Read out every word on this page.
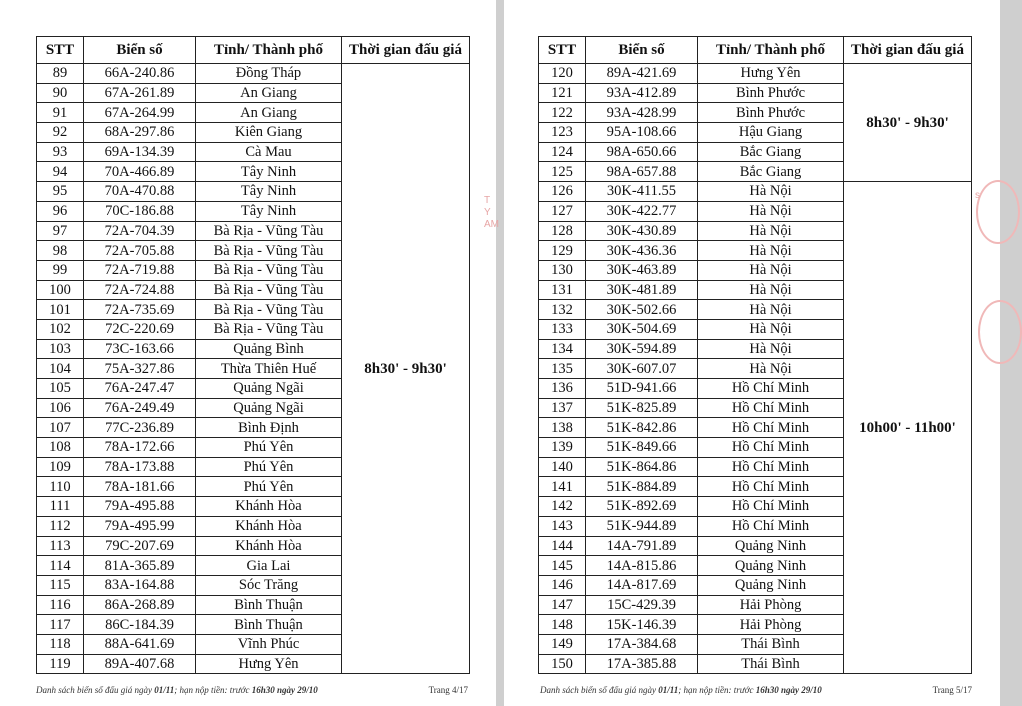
STT	Biển số	Tỉnh/ Thành phố	Thời gian đấu giá
89	66A-240.86	Đồng Tháp	8h30' - 9h30'
90	67A-261.89	An Giang	
91	67A-264.99	An Giang	
92	68A-297.86	Kiên Giang	
93	69A-134.39	Cà Mau	
94	70A-466.89	Tây Ninh	
95	70A-470.88	Tây Ninh	
96	70C-186.88	Tây Ninh	
97	72A-704.39	Bà Rịa - Vũng Tàu	
98	72A-705.88	Bà Rịa - Vũng Tàu	
99	72A-719.88	Bà Rịa - Vũng Tàu	
100	72A-724.88	Bà Rịa - Vũng Tàu	
101	72A-735.69	Bà Rịa - Vũng Tàu	
102	72C-220.69	Bà Rịa - Vũng Tàu	
103	73C-163.66	Quảng Bình	
104	75A-327.86	Thừa Thiên Huế	
105	76A-247.47	Quảng Ngãi	
106	76A-249.49	Quảng Ngãi	
107	77C-236.89	Bình Định	
108	78A-172.66	Phú Yên	
109	78A-173.88	Phú Yên	
110	78A-181.66	Phú Yên	
111	79A-495.88	Khánh Hòa	
112	79A-495.99	Khánh Hòa	
113	79C-207.69	Khánh Hòa	
114	81A-365.89	Gia Lai	
115	83A-164.88	Sóc Trăng	
116	86A-268.89	Bình Thuận	
117	86C-184.39	Bình Thuận	
118	88A-641.69	Vĩnh Phúc	
119	89A-407.68	Hưng Yên	
Danh sách biển số đấu giá ngày 01/11; hạn nộp tiền: trước 16h30 ngày 29/10	Trang 4/17
T
Y
AM
STT	Biển số	Tỉnh/ Thành phố	Thời gian đấu giá
120	89A-421.69	Hưng Yên	8h30' - 9h30'
121	93A-412.89	Bình Phước	
122	93A-428.99	Bình Phước	
123	95A-108.66	Hậu Giang	
124	98A-650.66	Bắc Giang	
125	98A-657.88	Bắc Giang	
126	30K-411.55	Hà Nội	10h00' - 11h00'
127	30K-422.77	Hà Nội	
128	30K-430.89	Hà Nội	
129	30K-436.36	Hà Nội	
130	30K-463.89	Hà Nội	
131	30K-481.89	Hà Nội	
132	30K-502.66	Hà Nội	
133	30K-504.69	Hà Nội	
134	30K-594.89	Hà Nội	
135	30K-607.07	Hà Nội	
136	51D-941.66	Hồ Chí Minh	
137	51K-825.89	Hồ Chí Minh	
138	51K-842.86	Hồ Chí Minh	
139	51K-849.66	Hồ Chí Minh	
140	51K-864.86	Hồ Chí Minh	
141	51K-884.89	Hồ Chí Minh	
142	51K-892.69	Hồ Chí Minh	
143	51K-944.89	Hồ Chí Minh	
144	14A-791.89	Quảng Ninh	
145	14A-815.86	Quảng Ninh	
146	14A-817.69	Quảng Ninh	
147	15C-429.39	Hải Phòng	
148	15K-146.39	Hải Phòng	
149	17A-384.68	Thái Bình	
150	17A-385.88	Thái Bình	
Danh sách biển số đấu giá ngày 01/11; hạn nộp tiền: trước 16h30 ngày 29/10	Trang 5/17
s
